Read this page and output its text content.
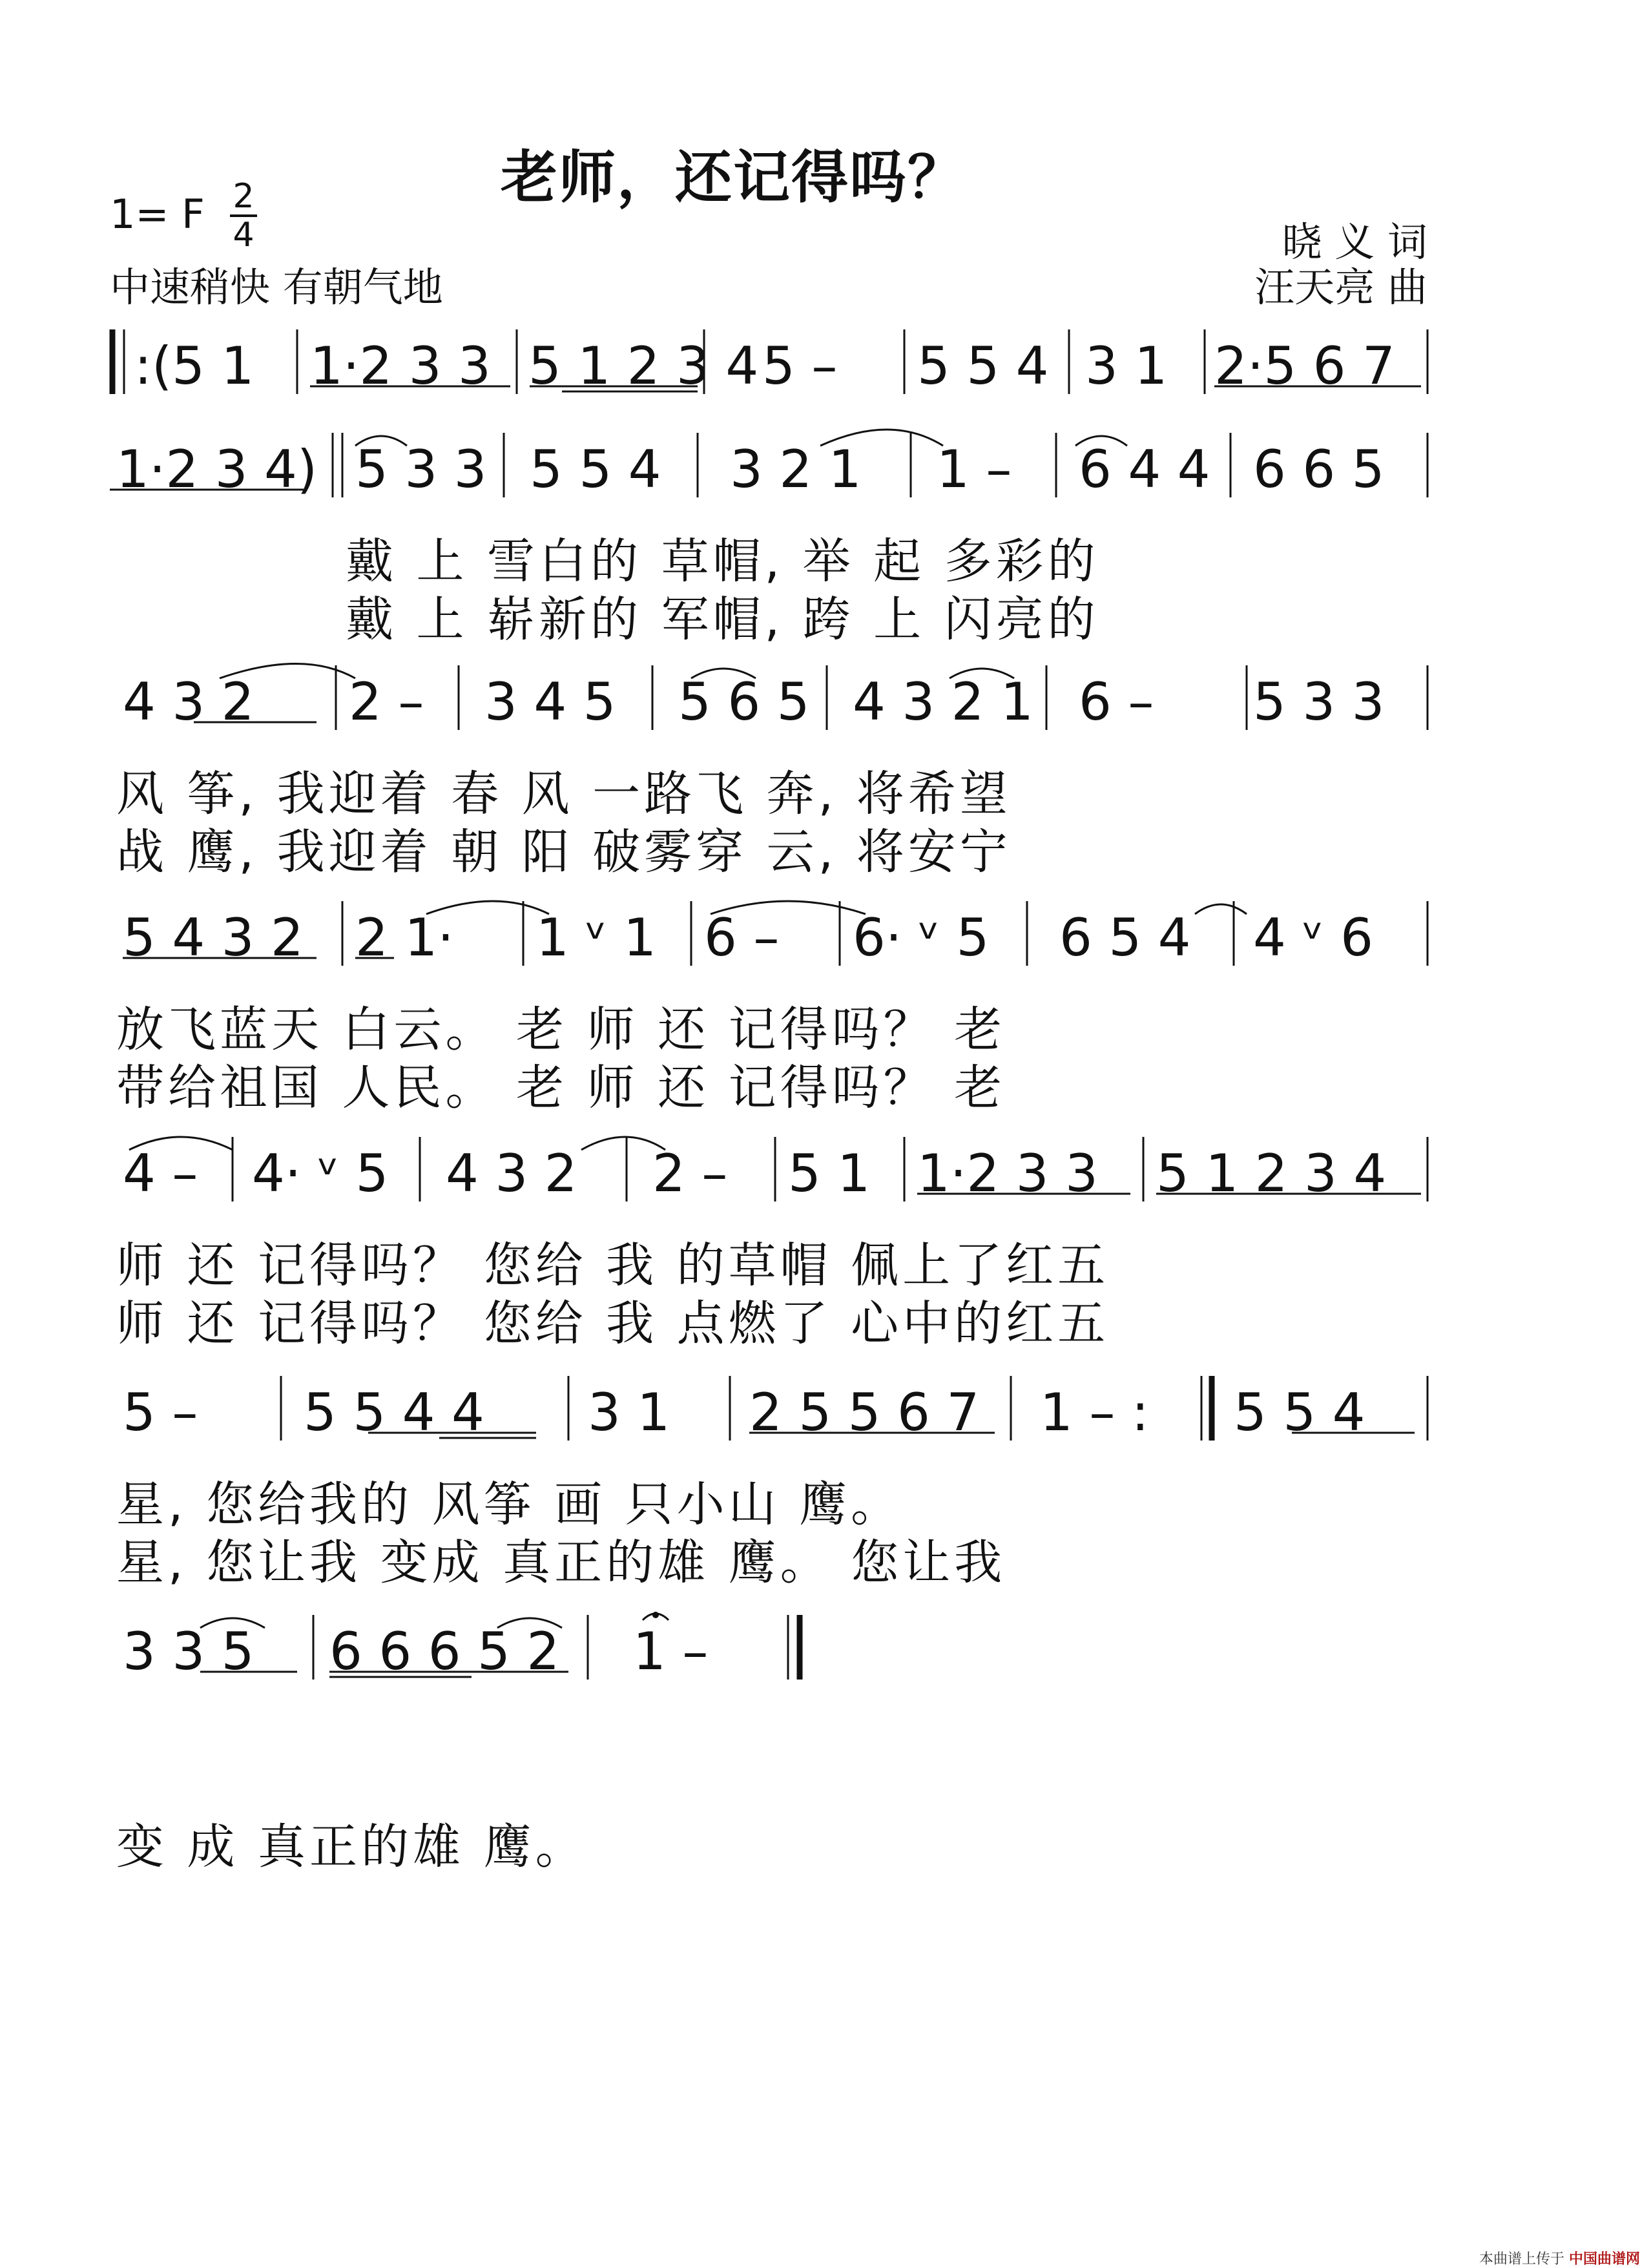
老师，还记得吗？
1= F 2
4
中速稍快 有朝气地
晓 义 词
汪天亮 曲
:(5 1 1·2 3 3 5 1 2 3 4 5 – 5 5 4 3 1 2·5 6 7
1·2 3 4) 5 3 3 5 5 4 3 2 1 1 – 6 4 4 6 6 5
戴 上 雪白的 草帽, 举 起 多彩的
戴 上 崭新的 军帽, 跨 上 闪亮的
4 3 2 2 – 3 4 5 5 6 5 4 3 2 1 6 – 5 3 3
风 筝, 我迎着 春 风 一路飞 奔, 将希望
战 鹰, 我迎着 朝 阳 破雾穿 云, 将安宁
5 4 3 2 2 1· 1 ᵛ 1 6 – 6· ᵛ 5 6 5 4 4 ᵛ 6
放飞蓝天 白云。 老 师 还 记得吗？ 老
带给祖国 人民。 老 师 还 记得吗？ 老
4 – 4· ᵛ 5 4 3 2 2 – 5 1 1·2 3 3 5 1 2 3 4
师 还 记得吗？ 您给 我 的草帽 佩上了红五
师 还 记得吗？ 您给 我 点燃了 心中的红五
5 – 5 5 4 4 3 1 2 5 5 6 7 1 – : 5 5 4
星, 您给我的 风筝 画 只小山 鹰。
星, 您让我 变成 真正的雄 鹰。 您让我
3 3 5 6 6 6 5 2 1 –
变 成 真正的雄 鹰。
本曲谱上传于 中国曲谱网
